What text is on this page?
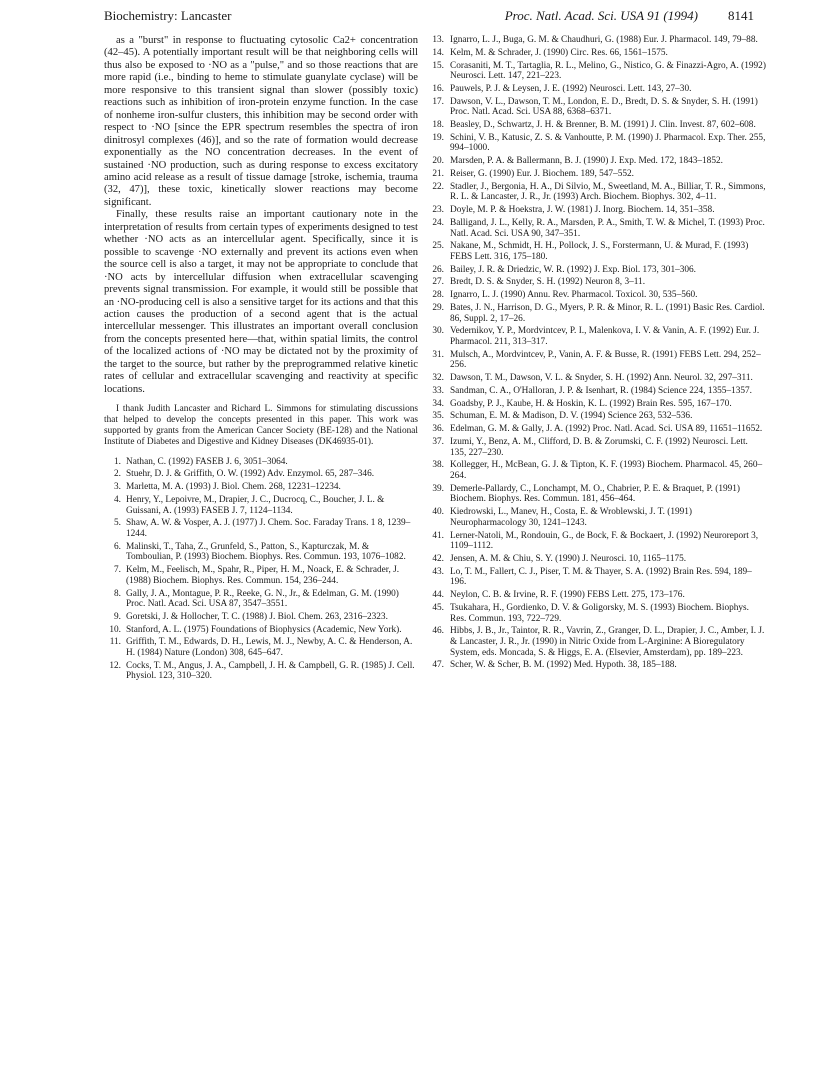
Biochemistry: Lancaster	Proc. Natl. Acad. Sci. USA 91 (1994) 8141

as a "burst" in response to fluctuating cytosolic Ca2+ concentration (42–45). A potentially important result will be that neighboring cells will thus also be exposed to ·NO as a "pulse," and so those reactions that are more rapid (i.e., binding to heme to stimulate guanylate cyclase) will be more responsive to this transient signal than slower (possibly toxic) reactions such as inhibition of iron-protein enzyme function. In the case of nonheme iron-sulfur clusters, this inhibition may be second order with respect to ·NO [since the EPR spectrum resembles the spectra of iron dinitrosyl complexes (46)], and so the rate of formation would decrease exponentially as the NO concentration decreases. In the event of sustained ·NO production, such as during response to excess excitatory amino acid release as a result of tissue damage [stroke, ischemia, trauma (32, 47)], these toxic, kinetically slower reactions may become significant.

Finally, these results raise an important cautionary note in the interpretation of results from certain types of experiments designed to test whether ·NO acts as an intercellular agent. Specifically, since it is possible to scavenge ·NO externally and prevent its actions even when the source cell is also a target, it may not be appropriate to conclude that ·NO acts by intercellular diffusion when extracellular scavenging prevents signal transmission. For example, it would still be possible that an ·NO-producing cell is also a sensitive target for its actions and that this action causes the production of a second agent that is the actual intercellular messenger. This illustrates an important overall conclusion from the concepts presented here—that, within spatial limits, the control of the localized actions of ·NO may be dictated not by the proximity of the target to the source, but rather by the preprogrammed relative kinetic rates of cellular and extracellular scavenging and reactivity at specific locations.

I thank Judith Lancaster and Richard L. Simmons for stimulating discussions that helped to develop the concepts presented in this paper. This work was supported by grants from the American Cancer Society (BE-128) and the National Institute of Diabetes and Digestive and Kidney Diseases (DK46935-01).

1. Nathan, C. (1992) FASEB J. 6, 3051–3064.
2. Stuehr, D. J. & Griffith, O. W. (1992) Adv. Enzymol. 65, 287–346.
3. Marletta, M. A. (1993) J. Biol. Chem. 268, 12231–12234.
4. Henry, Y., Lepoivre, M., Drapier, J. C., Ducrocq, C., Boucher, J. L. & Guissani, A. (1993) FASEB J. 7, 1124–1134.
5. Shaw, A. W. & Vosper, A. J. (1977) J. Chem. Soc. Faraday Trans. 1 8, 1239–1244.
6. Malinski, T., Taha, Z., Grunfeld, S., Patton, S., Kapturczak, M. & Tomboulian, P. (1993) Biochem. Biophys. Res. Commun. 193, 1076–1082.
7. Kelm, M., Feelisch, M., Spahr, R., Piper, H. M., Noack, E. & Schrader, J. (1988) Biochem. Biophys. Res. Commun. 154, 236–244.
8. Gally, J. A., Montague, P. R., Reeke, G. N., Jr., & Edelman, G. M. (1990) Proc. Natl. Acad. Sci. USA 87, 3547–3551.
9. Goretski, J. & Hollocher, T. C. (1988) J. Biol. Chem. 263, 2316–2323.
10. Stanford, A. L. (1975) Foundations of Biophysics (Academic, New York).
11. Griffith, T. M., Edwards, D. H., Lewis, M. J., Newby, A. C. & Henderson, A. H. (1984) Nature (London) 308, 645–647.
12. Cocks, T. M., Angus, J. A., Campbell, J. H. & Campbell, G. R. (1985) J. Cell. Physiol. 123, 310–320.
13. Ignarro, L. J., Buga, G. M. & Chaudhuri, G. (1988) Eur. J. Pharmacol. 149, 79–88.
14. Kelm, M. & Schrader, J. (1990) Circ. Res. 66, 1561–1575.
15. Corasaniti, M. T., Tartaglia, R. L., Melino, G., Nistico, G. & Finazzi-Agro, A. (1992) Neurosci. Lett. 147, 221–223.
16. Pauwels, P. J. & Leysen, J. E. (1992) Neurosci. Lett. 143, 27–30.
17. Dawson, V. L., Dawson, T. M., London, E. D., Bredt, D. S. & Snyder, S. H. (1991) Proc. Natl. Acad. Sci. USA 88, 6368–6371.
18. Beasley, D., Schwartz, J. H. & Brenner, B. M. (1991) J. Clin. Invest. 87, 602–608.
19. Schini, V. B., Katusic, Z. S. & Vanhoutte, P. M. (1990) J. Pharmacol. Exp. Ther. 255, 994–1000.
20. Marsden, P. A. & Ballermann, B. J. (1990) J. Exp. Med. 172, 1843–1852.
21. Reiser, G. (1990) Eur. J. Biochem. 189, 547–552.
22. Stadler, J., Bergonia, H. A., Di Silvio, M., Sweetland, M. A., Billiar, T. R., Simmons, R. L. & Lancaster, J. R., Jr. (1993) Arch. Biochem. Biophys. 302, 4–11.
23. Doyle, M. P. & Hoekstra, J. W. (1981) J. Inorg. Biochem. 14, 351–358.
24. Balligand, J. L., Kelly, R. A., Marsden, P. A., Smith, T. W. & Michel, T. (1993) Proc. Natl. Acad. Sci. USA 90, 347–351.
25. Nakane, M., Schmidt, H. H., Pollock, J. S., Forstermann, U. & Murad, F. (1993) FEBS Lett. 316, 175–180.
26. Bailey, J. R. & Driedzic, W. R. (1992) J. Exp. Biol. 173, 301–306.
27. Bredt, D. S. & Snyder, S. H. (1992) Neuron 8, 3–11.
28. Ignarro, L. J. (1990) Annu. Rev. Pharmacol. Toxicol. 30, 535–560.
29. Bates, J. N., Harrison, D. G., Myers, P. R. & Minor, R. L. (1991) Basic Res. Cardiol. 86, Suppl. 2, 17–26.
30. Vedernikov, Y. P., Mordvintcev, P. I., Malenkova, I. V. & Vanin, A. F. (1992) Eur. J. Pharmacol. 211, 313–317.
31. Mulsch, A., Mordvintcev, P., Vanin, A. F. & Busse, R. (1991) FEBS Lett. 294, 252–256.
32. Dawson, T. M., Dawson, V. L. & Snyder, S. H. (1992) Ann. Neurol. 32, 297–311.
33. Sandman, C. A., O'Halloran, J. P. & Isenhart, R. (1984) Science 224, 1355–1357.
34. Goadsby, P. J., Kaube, H. & Hoskin, K. L. (1992) Brain Res. 595, 167–170.
35. Schuman, E. M. & Madison, D. V. (1994) Science 263, 532–536.
36. Edelman, G. M. & Gally, J. A. (1992) Proc. Natl. Acad. Sci. USA 89, 11651–11652.
37. Izumi, Y., Benz, A. M., Clifford, D. B. & Zorumski, C. F. (1992) Neurosci. Lett. 135, 227–230.
38. Kollegger, H., McBean, G. J. & Tipton, K. F. (1993) Biochem. Pharmacol. 45, 260–264.
39. Demerle-Pallardy, C., Lonchampt, M. O., Chabrier, P. E. & Braquet, P. (1991) Biochem. Biophys. Res. Commun. 181, 456–464.
40. Kiedrowski, L., Manev, H., Costa, E. & Wroblewski, J. T. (1991) Neuropharmacology 30, 1241–1243.
41. Lerner-Natoli, M., Rondouin, G., de Bock, F. & Bockaert, J. (1992) Neuroreport 3, 1109–1112.
42. Jensen, A. M. & Chiu, S. Y. (1990) J. Neurosci. 10, 1165–1175.
43. Lo, T. M., Fallert, C. J., Piser, T. M. & Thayer, S. A. (1992) Brain Res. 594, 189–196.
44. Neylon, C. B. & Irvine, R. F. (1990) FEBS Lett. 275, 173–176.
45. Tsukahara, H., Gordienko, D. V. & Goligorsky, M. S. (1993) Biochem. Biophys. Res. Commun. 193, 722–729.
46. Hibbs, J. B., Jr., Taintor, R. R., Vavrin, Z., Granger, D. L., Drapier, J. C., Amber, I. J. & Lancaster, J. R., Jr. (1990) in Nitric Oxide from L-Arginine: A Bioregulatory System, eds. Moncada, S. & Higgs, E. A. (Elsevier, Amsterdam), pp. 189–223.
47. Scher, W. & Scher, B. M. (1992) Med. Hypoth. 38, 185–188.
